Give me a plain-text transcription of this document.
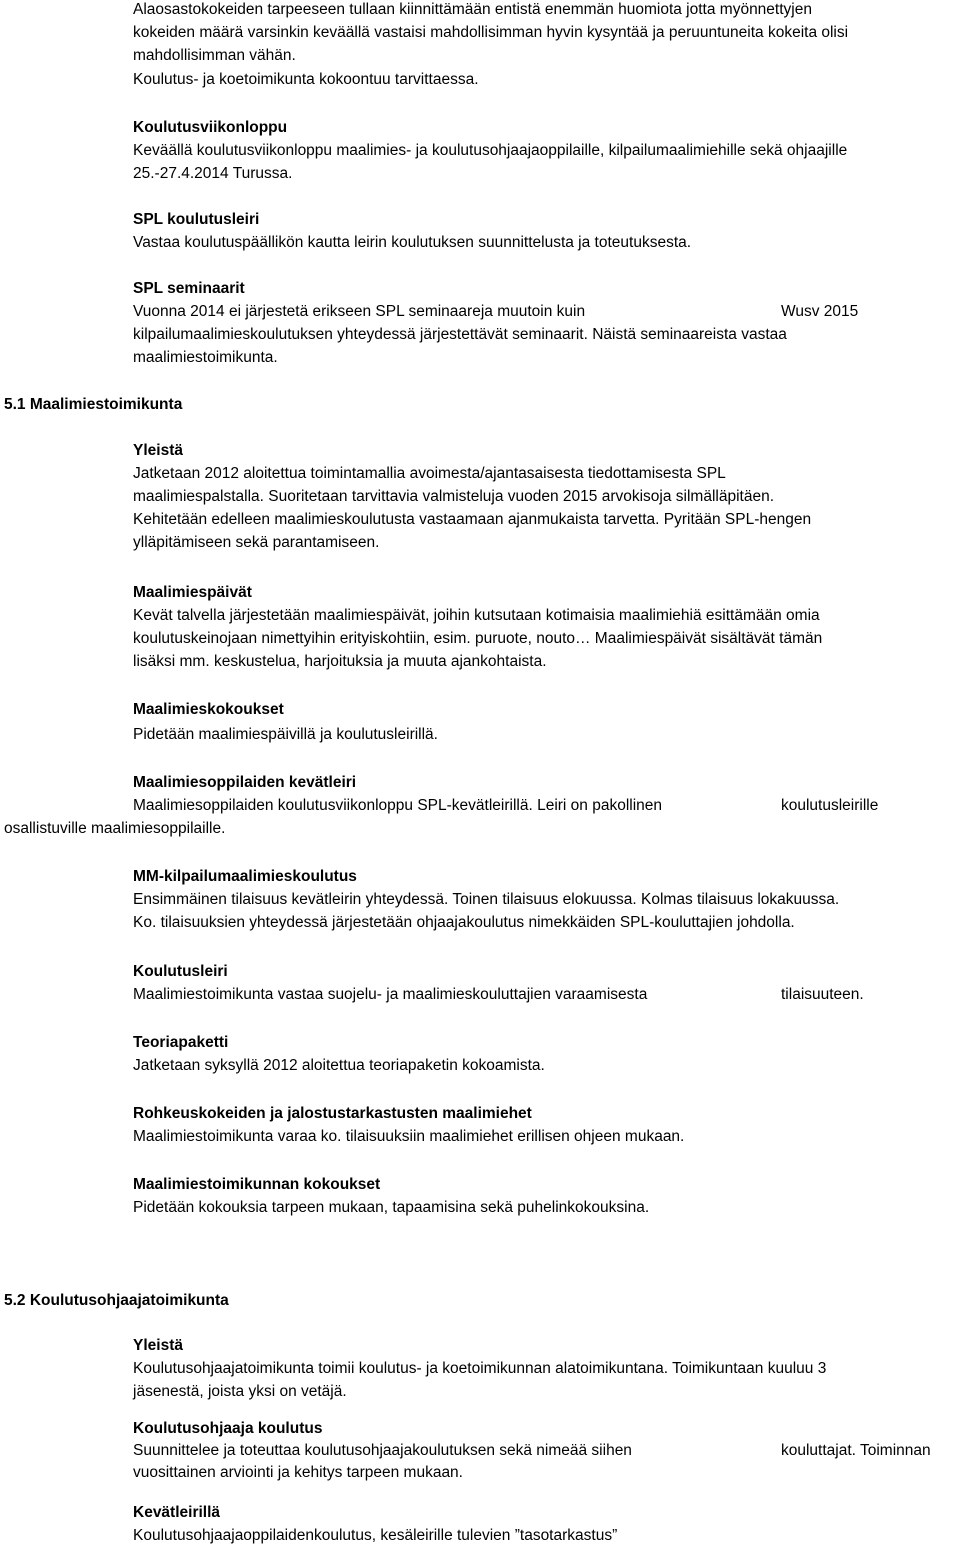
Alaosastokokeiden tarpeeseen tullaan kiinnittämään entistä enemmän huomiota jotta myönnettyjen
kokeiden määrä varsinkin keväällä vastaisi mahdollisimman hyvin kysyntää ja peruuntuneita kokeita olisi
mahdollisimman vähän.
Koulutus- ja koetoimikunta kokoontuu tarvittaessa.
Koulutusviikonloppu
Keväällä koulutusviikonloppu maalimies- ja koulutusohjaajaoppilaille, kilpailumaalimiehille sekä ohjaajille
25.-27.4.2014 Turussa.
SPL koulutusleiri
Vastaa koulutuspäällikön kautta leirin koulutuksen suunnittelusta ja toteutuksesta.
SPL seminaarit
Vuonna 2014 ei järjestetä erikseen SPL seminaareja muutoin kuin	Wusv 2015
kilpailumaalimieskoulutuksen yhteydessä järjestettävät seminaarit. Näistä seminaareista vastaa
maalimiestoimikunta.
5.1 Maalimiestoimikunta
Yleistä
Jatketaan 2012 aloitettua toimintamallia avoimesta/ajantasaisesta tiedottamisesta SPL
maalimiespalstalla. Suoritetaan tarvittavia valmisteluja vuoden 2015 arvokisoja silmälläpitäen.
Kehitetään edelleen maalimieskoulutusta vastaamaan ajanmukaista tarvetta. Pyritään SPL-hengen
ylläpitämiseen sekä parantamiseen.
Maalimiespäivät
Kevät talvella järjestetään maalimiespäivät, joihin kutsutaan kotimaisia maalimiehiä esittämään omia
koulutuskeinojaan nimettyihin erityiskohtiin, esim. puruote, nouto… Maalimiespäivät sisältävät tämän
lisäksi mm. keskustelua, harjoituksia ja muuta ajankohtaista.
Maalimieskokoukset
Pidetään maalimiespäivillä ja koulutusleirillä.
Maalimiesoppilaiden kevätleiri
Maalimiesoppilaiden koulutusviikonloppu SPL-kevätleirillä. Leiri on pakollinen	koulutusleirille
osallistuville maalimiesoppilaille.
MM-kilpailumaalimieskoulutus
Ensimmäinen tilaisuus kevätleirin yhteydessä. Toinen tilaisuus elokuussa. Kolmas tilaisuus lokakuussa.
Ko. tilaisuuksien yhteydessä järjestetään ohjaajakoulutus nimekkäiden SPL-kouluttajien johdolla.
Koulutusleiri
Maalimiestoimikunta vastaa suojelu- ja maalimieskouluttajien varaamisesta	tilaisuuteen.
Teoriapaketti
Jatketaan syksyllä 2012 aloitettua teoriapaketin kokoamista.
Rohkeuskokeiden ja jalostustarkastusten maalimiehet
Maalimiestoimikunta varaa ko. tilaisuuksiin maalimiehet erillisen ohjeen mukaan.
Maalimiestoimikunnan kokoukset
Pidetään kokouksia tarpeen mukaan, tapaamisina sekä puhelinkokouksina.
5.2 Koulutusohjaajatoimikunta
Yleistä
Koulutusohjaajatoimikunta toimii koulutus- ja koetoimikunnan alatoimikuntana. Toimikuntaan kuuluu 3
jäsenestä, joista yksi on vetäjä.
Koulutusohjaaja koulutus
Suunnittelee ja toteuttaa koulutusohjaajakoulutuksen sekä nimeää siihen	kouluttajat. Toiminnan
vuosittainen arviointi ja kehitys tarpeen mukaan.
Kevätleirillä
Koulutusohjaajaoppilaidenkoulutus, kesäleirille tulevien ”tasotarkastus”
